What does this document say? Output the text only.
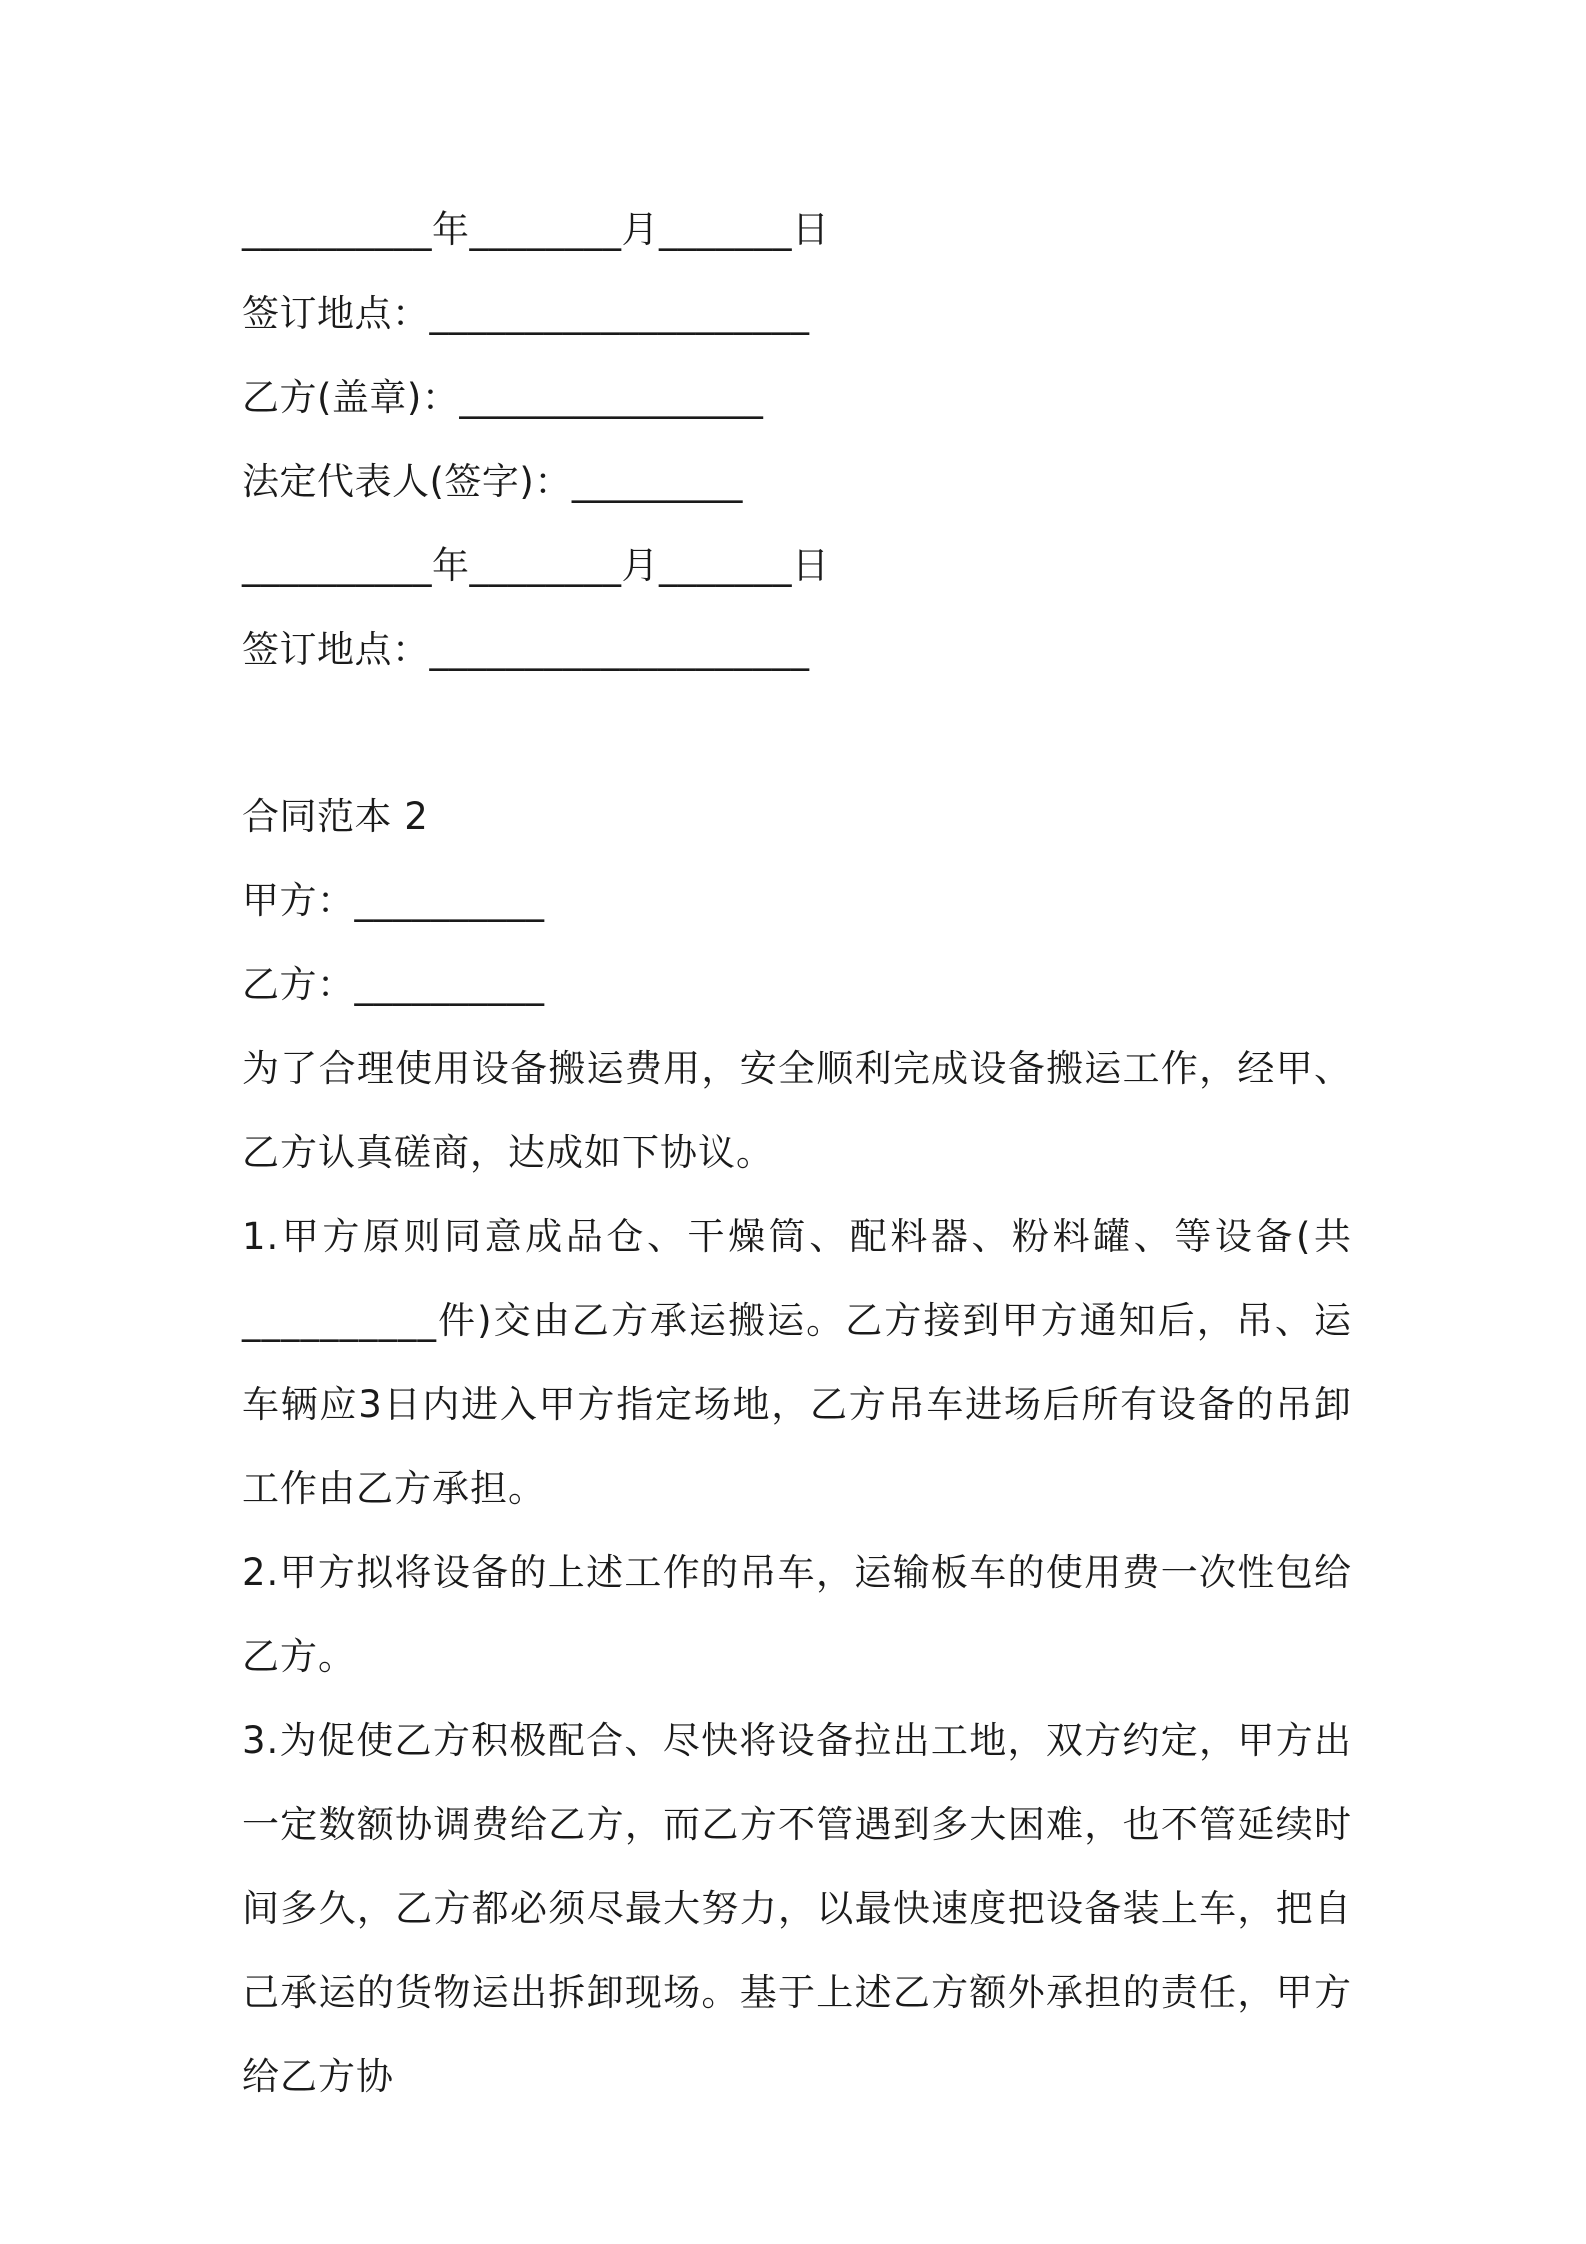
__________年________月_______日
签订地点：____________________
乙方(盖章)：________________
法定代表人(签字)：_________
__________年________月_______日
签订地点：____________________
合同范本 2
甲方：__________
乙方：__________
为了合理使用设备搬运费用，安全顺利完成设备搬运工作，经甲、乙方认真磋商，达成如下协议。
1.甲方原则同意成品仓、干燥筒、配料器、粉料罐、等设备(共__________件)交由乙方承运搬运。乙方接到甲方通知后，吊、运车辆应3日内进入甲方指定场地，乙方吊车进场后所有设备的吊卸工作由乙方承担。
2.甲方拟将设备的上述工作的吊车，运输板车的使用费一次性包给乙方。
3.为促使乙方积极配合、尽快将设备拉出工地，双方约定，甲方出一定数额协调费给乙方，而乙方不管遇到多大困难，也不管延续时间多久，乙方都必须尽最大努力，以最快速度把设备装上车，把自己承运的货物运出拆卸现场。基于上述乙方额外承担的责任，甲方给乙方协
